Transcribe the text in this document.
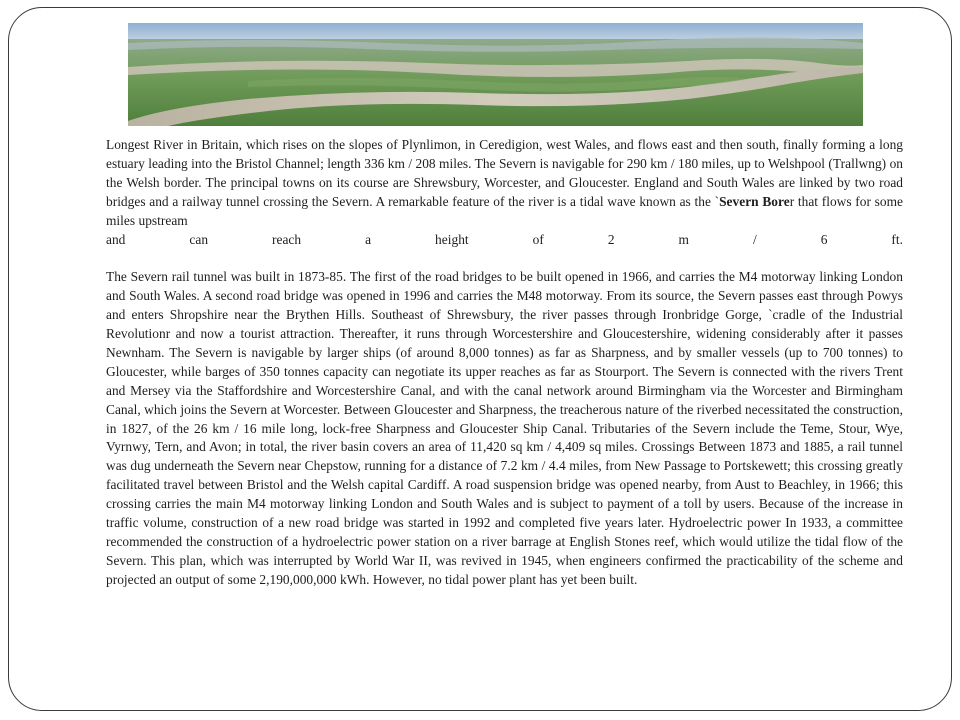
Longest River in Britain, which rises on the slopes of Plynlimon, in Ceredigion, west Wales, and flows east and then south, finally forming a long estuary leading into the Bristol Channel; length 336 km / 208 miles. The Severn is navigable for 290 km / 180 miles, up to Welshpool (Trallwng) on the Welsh border. The principal towns on its course are Shrewsbury, Worcester, and Gloucester. England and South Wales are linked by two road bridges and a railway tunnel crossing the Severn. A remarkable feature of the river is a tidal wave known as the `Severn Borer that flows for some miles upstream
and can reach a height of 2 m / 6 ft.

The Severn rail tunnel was built in 1873-85. The first of the road bridges to be built opened in 1966, and carries the M4 motorway linking London and South Wales. A second road bridge was opened in 1996 and carries the M48 motorway. From its source, the Severn passes east through Powys and enters Shropshire near the Brythen Hills. Southeast of Shrewsbury, the river passes through Ironbridge Gorge, `cradle of the Industrial Revolutionr and now a tourist attraction. Thereafter, it runs through Worcestershire and Gloucestershire, widening considerably after it passes Newnham. The Severn is navigable by larger ships (of around 8,000 tonnes) as far as Sharpness, and by smaller vessels (up to 700 tonnes) to Gloucester, while barges of 350 tonnes capacity can negotiate its upper reaches as far as Stourport. The Severn is connected with the rivers Trent and Mersey via the Staffordshire and Worcestershire Canal, and with the canal network around Birmingham via the Worcester and Birmingham Canal, which joins the Severn at Worcester. Between Gloucester and Sharpness, the treacherous nature of the riverbed necessitated the construction, in 1827, of the 26 km / 16 mile long, lock-free Sharpness and Gloucester Ship Canal. Tributaries of the Severn include the Teme, Stour, Wye, Vyrnwy, Tern, and Avon; in total, the river basin covers an area of 11,420 sq km / 4,409 sq miles. Crossings Between 1873 and 1885, a rail tunnel was dug underneath the Severn near Chepstow, running for a distance of 7.2 km / 4.4 miles, from New Passage to Portskewett; this crossing greatly facilitated travel between Bristol and the Welsh capital Cardiff. A road suspension bridge was opened nearby, from Aust to Beachley, in 1966; this crossing carries the main M4 motorway linking London and South Wales and is subject to payment of a toll by users. Because of the increase in traffic volume, construction of a new road bridge was started in 1992 and completed five years later. Hydroelectric power In 1933, a committee recommended the construction of a hydroelectric power station on a river barrage at English Stones reef, which would utilize the tidal flow of the Severn. This plan, which was interrupted by World War II, was revived in 1945, when engineers confirmed the practicability of the scheme and projected an output of some 2,190,000,000 kWh. However, no tidal power plant has yet been built.
